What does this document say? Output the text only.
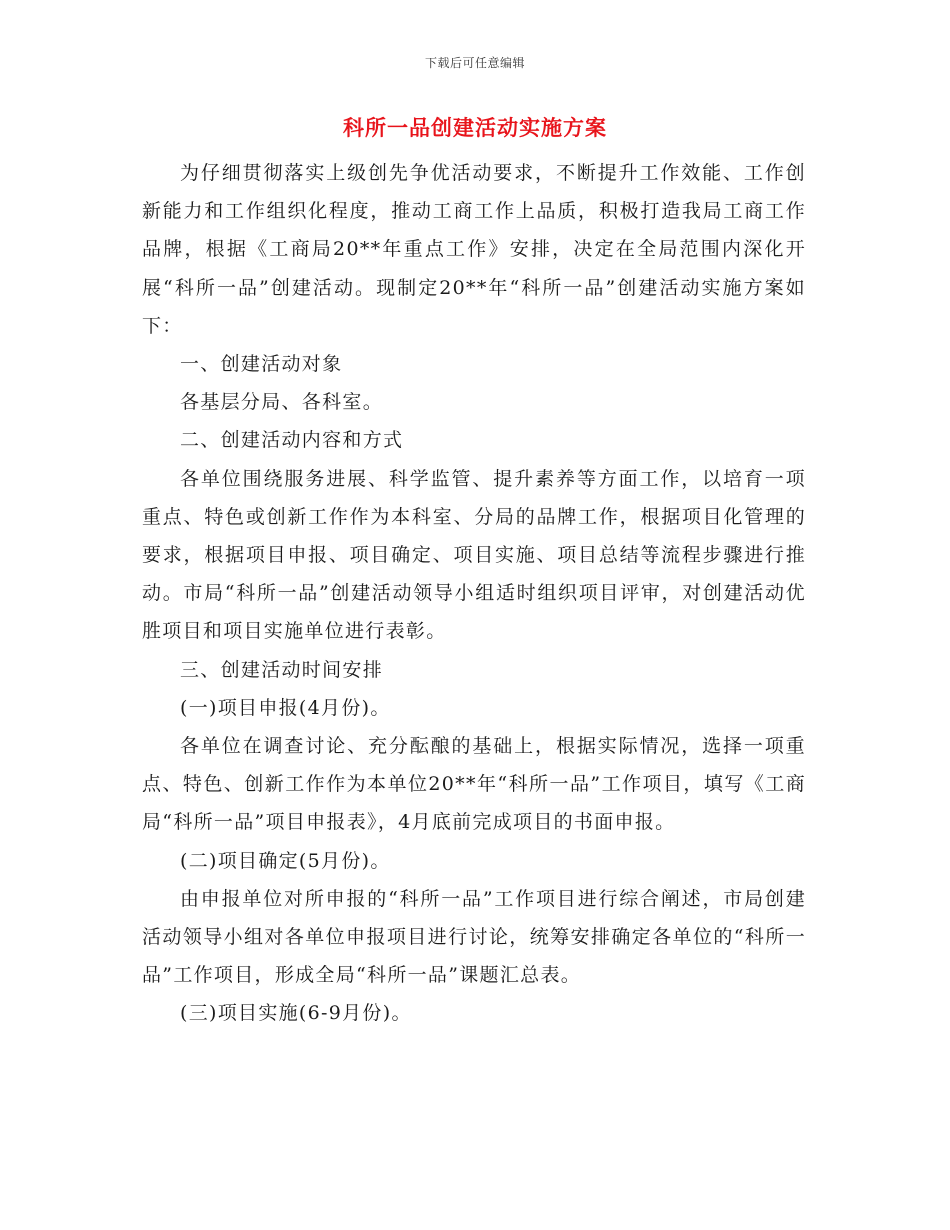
下载后可任意编辑
科所一品创建活动实施方案

为仔细贯彻落实上级创先争优活动要求，不断提升工作效能、工作创新能力和工作组织化程度，推动工商工作上品质，积极打造我局工商工作品牌，根据《工商局20**年重点工作》安排，决定在全局范围内深化开展“科所一品”创建活动。现制定20**年“科所一品”创建活动实施方案如下：

一、创建活动对象

各基层分局、各科室。

二、创建活动内容和方式

各单位围绕服务进展、科学监管、提升素养等方面工作，以培育一项重点、特色或创新工作作为本科室、分局的品牌工作，根据项目化管理的要求，根据项目申报、项目确定、项目实施、项目总结等流程步骤进行推动。市局“科所一品”创建活动领导小组适时组织项目评审，对创建活动优胜项目和项目实施单位进行表彰。

三、创建活动时间安排

(一)项目申报(4月份)。

各单位在调查讨论、充分酝酿的基础上，根据实际情况，选择一项重点、特色、创新工作作为本单位20**年“科所一品”工作项目，填写《工商局“科所一品”项目申报表》，4月底前完成项目的书面申报。

(二)项目确定(5月份)。

由申报单位对所申报的“科所一品”工作项目进行综合阐述，市局创建活动领导小组对各单位申报项目进行讨论，统筹安排确定各单位的“科所一品”工作项目，形成全局“科所一品”课题汇总表。

(三)项目实施(6-9月份)。
